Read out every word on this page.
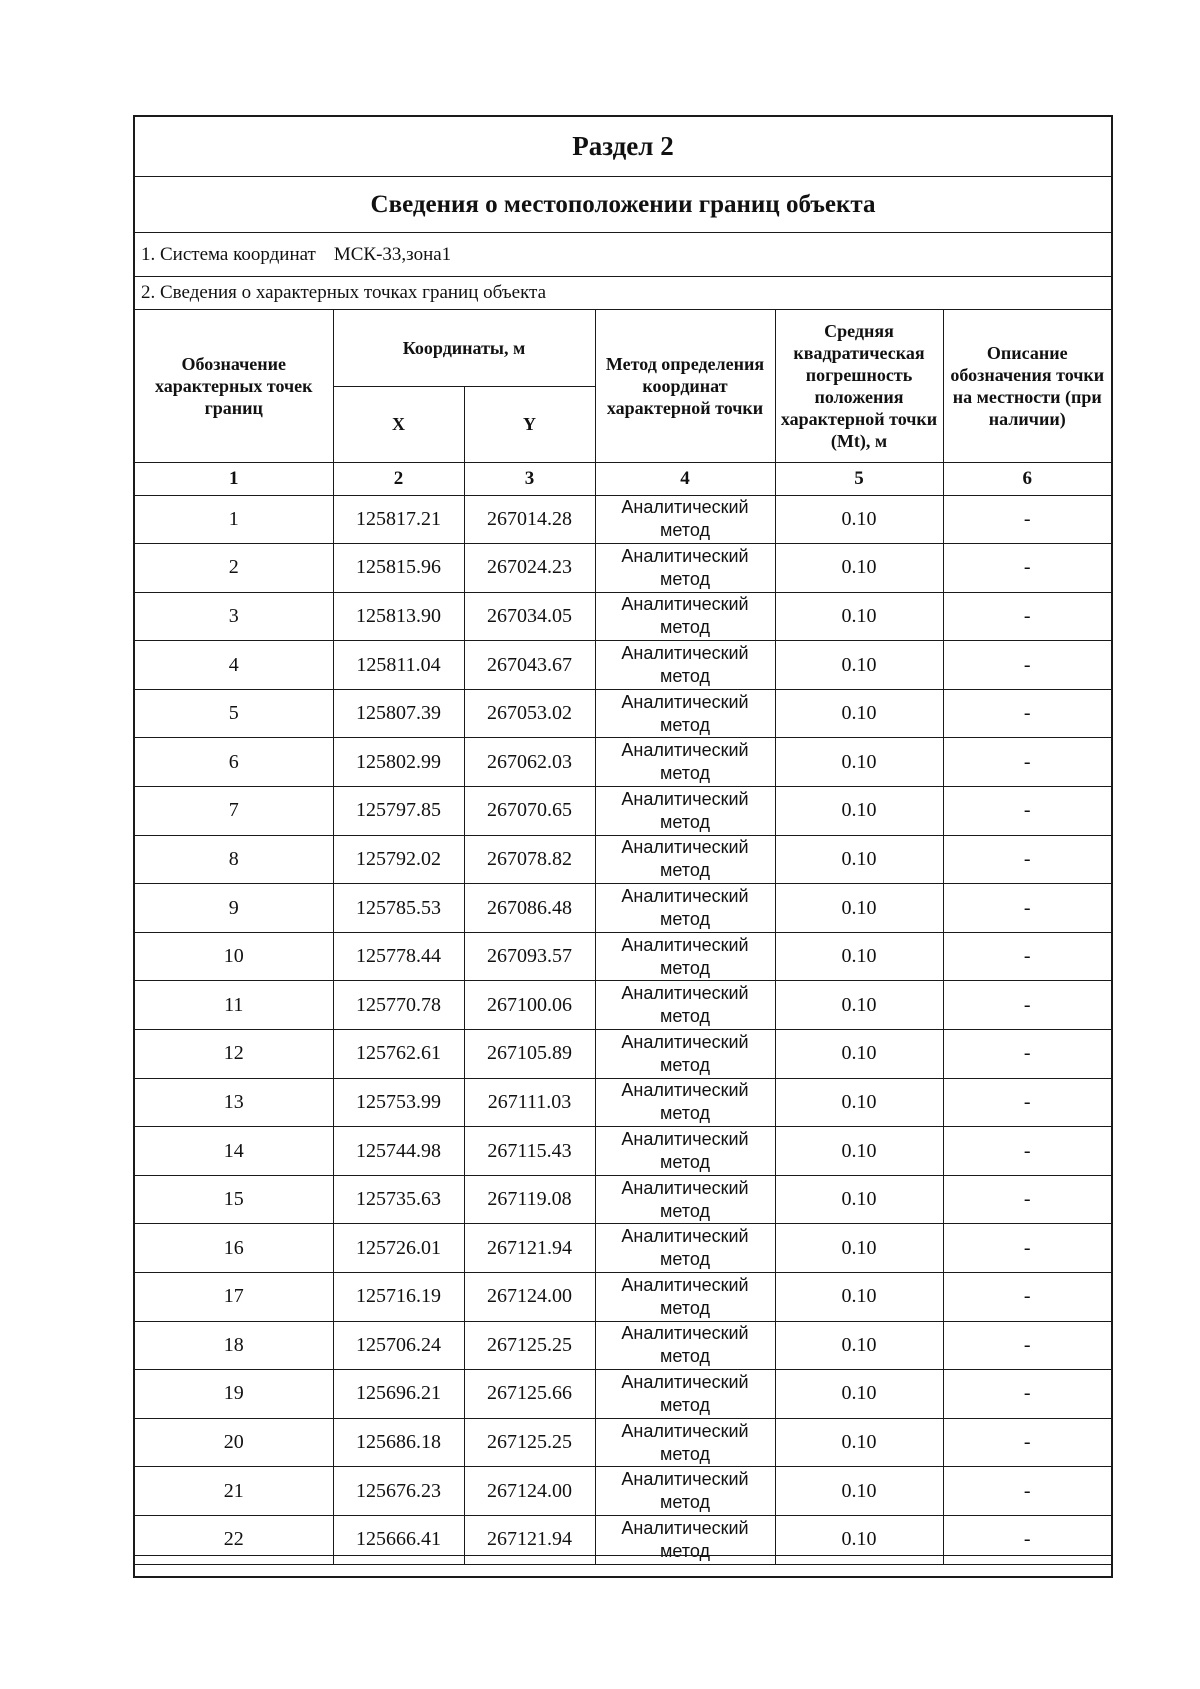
Раздел 2
Сведения о местоположении границ объекта
1. Система координат МСК-33,зона1
2. Сведения о характерных точках границ объекта
Обозначение характерных точек границ	Координаты, м		Метод определения координат характерной точки	Средняя квадратическая погрешность положения характерной точки (Mt), м	Описание обозначения точки на местности (при наличии)
	X	Y			
1	2	3	4	5	6
1	125817.21	267014.28	Аналитический метод	0.10	-
2	125815.96	267024.23	Аналитический метод	0.10	-
3	125813.90	267034.05	Аналитический метод	0.10	-
4	125811.04	267043.67	Аналитический метод	0.10	-
5	125807.39	267053.02	Аналитический метод	0.10	-
6	125802.99	267062.03	Аналитический метод	0.10	-
7	125797.85	267070.65	Аналитический метод	0.10	-
8	125792.02	267078.82	Аналитический метод	0.10	-
9	125785.53	267086.48	Аналитический метод	0.10	-
10	125778.44	267093.57	Аналитический метод	0.10	-
11	125770.78	267100.06	Аналитический метод	0.10	-
12	125762.61	267105.89	Аналитический метод	0.10	-
13	125753.99	267111.03	Аналитический метод	0.10	-
14	125744.98	267115.43	Аналитический метод	0.10	-
15	125735.63	267119.08	Аналитический метод	0.10	-
16	125726.01	267121.94	Аналитический метод	0.10	-
17	125716.19	267124.00	Аналитический метод	0.10	-
18	125706.24	267125.25	Аналитический метод	0.10	-
19	125696.21	267125.66	Аналитический метод	0.10	-
20	125686.18	267125.25	Аналитический метод	0.10	-
21	125676.23	267124.00	Аналитический метод	0.10	-
22	125666.41	267121.94	Аналитический метод	0.10	-
